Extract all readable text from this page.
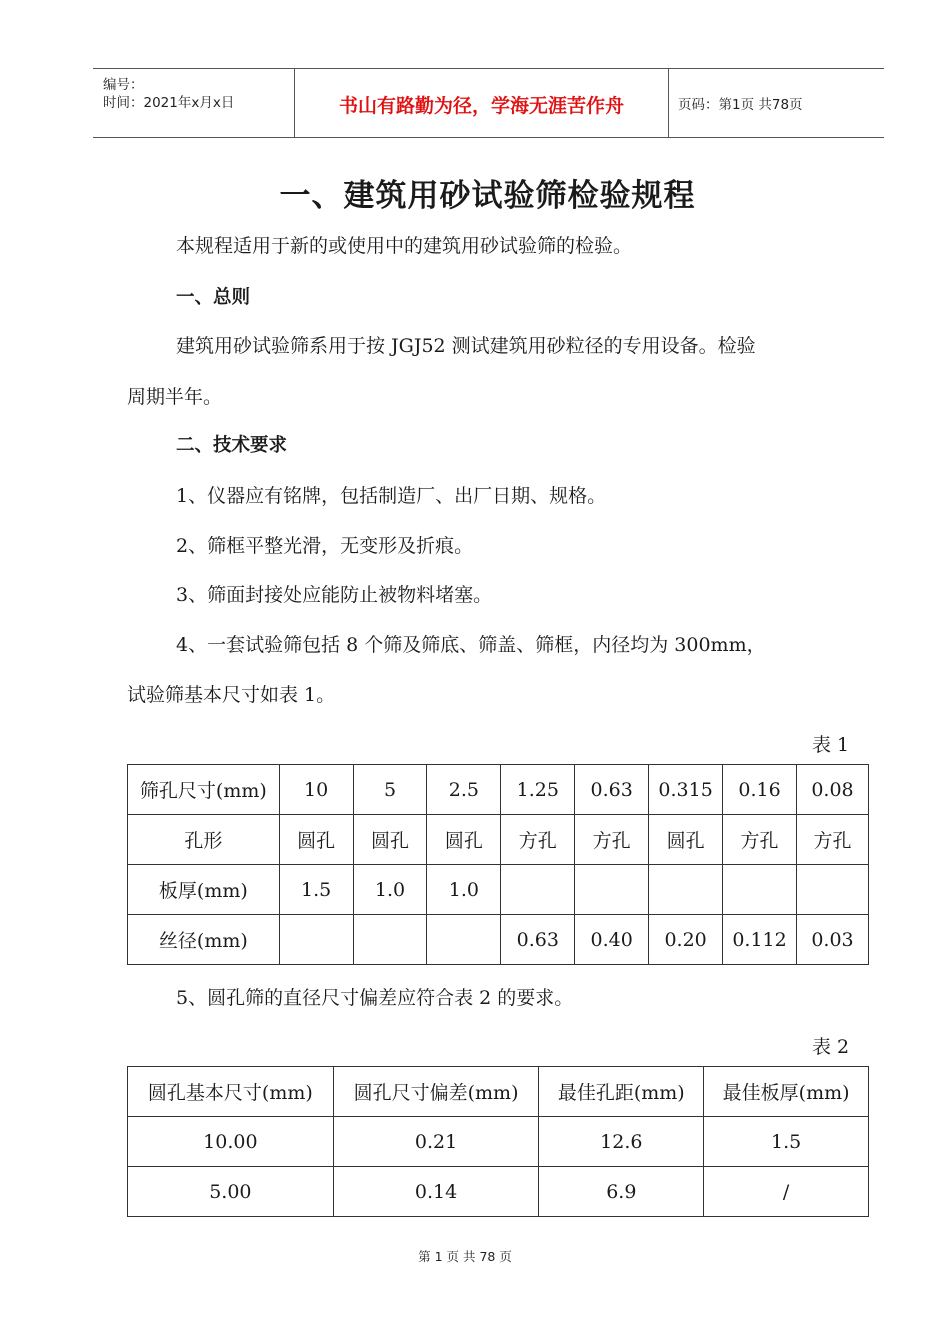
编号：
时间：2021年x月x日	书山有路勤为径，学海无涯苦作舟	页码：第1页 共78页
一、建筑用砂试验筛检验规程
本规程适用于新的或使用中的建筑用砂试验筛的检验。
一、总则
建筑用砂试验筛系用于按 JGJ52 测试建筑用砂粒径的专用设备。检验
周期半年。
二、技术要求
1、仪器应有铭牌，包括制造厂、出厂日期、规格。
2、筛框平整光滑，无变形及折痕。
3、筛面封接处应能防止被物料堵塞。
4、一套试验筛包括 8 个筛及筛底、筛盖、筛框，内径均为 300mm，
试验筛基本尺寸如表 1。
表 1
筛孔尺寸(mm)	10	5	2.5	1.25	0.63	0.315	0.16	0.08
孔形	圆孔	圆孔	圆孔	方孔	方孔	圆孔	方孔	方孔
板厚(mm)	1.5	1.0	1.0					
丝径(mm)				0.63	0.40	0.20	0.112	0.03
5、圆孔筛的直径尺寸偏差应符合表 2 的要求。
表 2
圆孔基本尺寸(mm)	圆孔尺寸偏差(mm)	最佳孔距(mm)	最佳板厚(mm)
10.00	0.21	12.6	1.5
5.00	0.14	6.9	/
第 1 页 共 78 页
